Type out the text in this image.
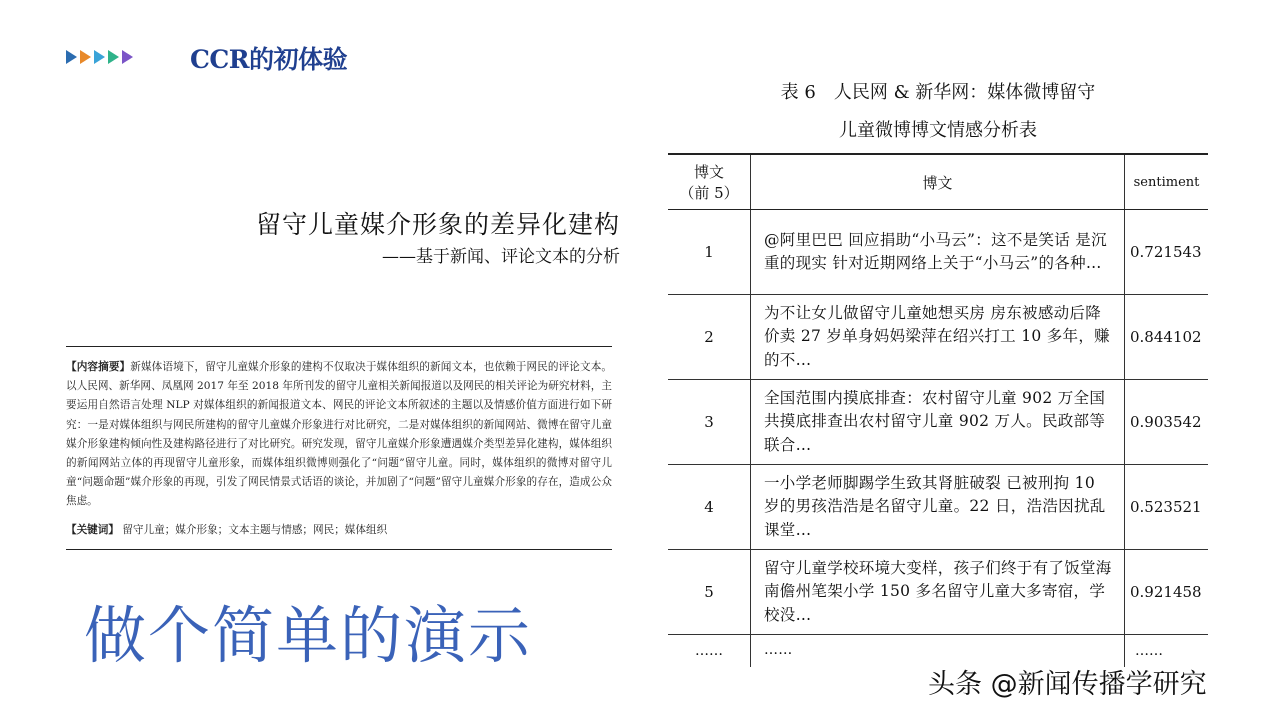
CCR的初体验
留守儿童媒介形象的差异化建构
——基于新闻、评论文本的分析

【内容摘要】新媒体语境下，留守儿童媒介形象的建构不仅取决于媒体组织的新闻文本，也依赖于网民的评论文本。以人民网、新华网、凤凰网 2017 年至 2018 年所刊发的留守儿童相关新闻报道以及网民的相关评论为研究材料，主要运用自然语言处理 NLP 对媒体组织的新闻报道文本、网民的评论文本所叙述的主题以及情感价值方面进行如下研究：一是对媒体组织与网民所建构的留守儿童媒介形象进行对比研究，二是对媒体组织的新闻网站、微博在留守儿童媒介形象建构倾向性及建构路径进行了对比研究。研究发现，留守儿童媒介形象遭遇媒介类型差异化建构，媒体组织的新闻网站立体的再现留守儿童形象，而媒体组织微博则强化了“问题”留守儿童。同时，媒体组织的微博对留守儿童“问题命题”媒介形象的再现，引发了网民情景式话语的谈论，并加剧了“问题”留守儿童媒介形象的存在，造成公众焦虑。

【关键词】 留守儿童；媒介形象；文本主题与情感；网民；媒体组织
做个简单的演示
表 6　人民网 & 新华网：媒体微博留守
儿童微博博文情感分析表
博文
（前 5）	博文	sentiment
1	@阿里巴巴 回应捐助“小马云”：这不是笑话 是沉重的现实 针对近期网络上关于“小马云”的各种…	0.721543
2	为不让女儿做留守儿童她想买房 房东被感动后降价卖 27 岁单身妈妈梁萍在绍兴打工 10 多年，赚的不…	0.844102
3	全国范围内摸底排查：农村留守儿童 902 万全国共摸底排查出农村留守儿童 902 万人。民政部等联合…	0.903542
4	一小学老师脚踢学生致其肾脏破裂 已被刑拘 10 岁的男孩浩浩是名留守儿童。22 日，浩浩因扰乱课堂…	0.523521
5	留守儿童学校环境大变样，孩子们终于有了饭堂海南儋州笔架小学 150 多名留守儿童大多寄宿，学校没…	0.921458
……	……	……
头条 @新闻传播学研究
